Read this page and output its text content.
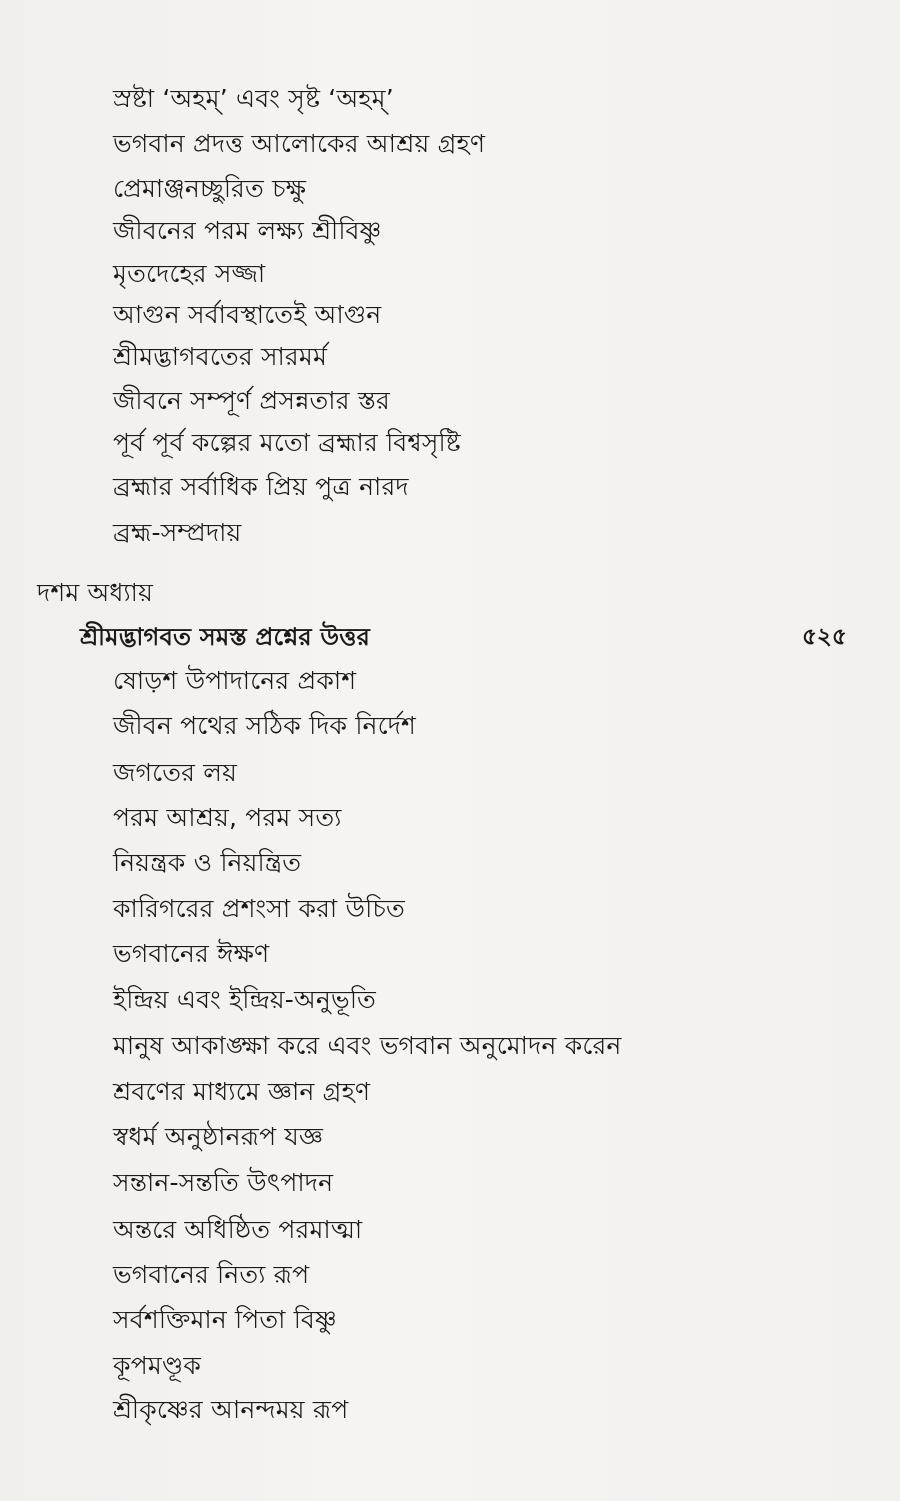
স্রষ্টা ‘অহম্’ এবং সৃষ্ট ‘অহম্’
ভগবান প্রদত্ত আলোকের আশ্রয় গ্রহণ
প্রেমাঞ্জনচ্ছুরিত চক্ষু
জীবনের পরম লক্ষ্য শ্রীবিষ্ণু
মৃতদেহের সজ্জা
আগুন সর্বাবস্থাতেই আগুন
শ্রীমদ্ভাগবতের সারমর্ম
জীবনে সম্পূর্ণ প্রসন্নতার স্তর
পূর্ব পূর্ব কল্পের মতো ব্রহ্মার বিশ্বসৃষ্টি
ব্রহ্মার সর্বাধিক প্রিয় পুত্র নারদ
ব্রহ্ম-সম্প্রদায়
দশম অধ্যায়
শ্রীমদ্ভাগবত সমস্ত প্রশ্নের উত্তর	৫২৫
ষোড়শ উপাদানের প্রকাশ
জীবন পথের সঠিক দিক নির্দেশ
জগতের লয়
পরম আশ্রয়, পরম সত্য
নিয়ন্ত্রক ও নিয়ন্ত্রিত
কারিগরের প্রশংসা করা উচিত
ভগবানের ঈক্ষণ
ইন্দ্রিয় এবং ইন্দ্রিয়-অনুভূতি
মানুষ আকাঙ্ক্ষা করে এবং ভগবান অনুমোদন করেন
শ্রবণের মাধ্যমে জ্ঞান গ্রহণ
স্বধর্ম অনুষ্ঠানরূপ যজ্ঞ
সন্তান-সন্ততি উৎপাদন
অন্তরে অধিষ্ঠিত পরমাত্মা
ভগবানের নিত্য রূপ
সর্বশক্তিমান পিতা বিষ্ণু
কূপমণ্ডূক
শ্রীকৃষ্ণের আনন্দময় রূপ
